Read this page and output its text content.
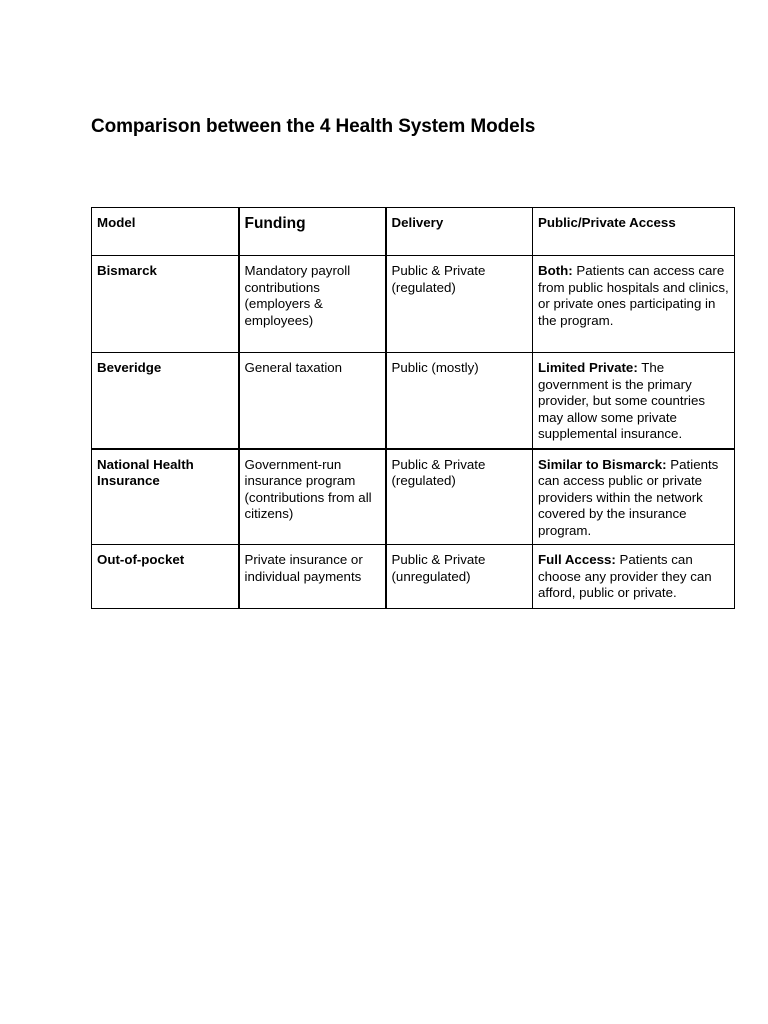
Comparison between the 4 Health System Models
Model	Funding	Delivery	Public/Private Access
Bismarck	Mandatory payroll contributions (employers & employees)	Public & Private (regulated)	Both: Patients can access care from public hospitals and clinics, or private ones participating in the program.
Beveridge	General taxation	Public (mostly)	Limited Private: The government is the primary provider, but some countries may allow some private supplemental insurance.
National Health Insurance	Government-run insurance program (contributions from all citizens)	Public & Private (regulated)	Similar to Bismarck: Patients can access public or private providers within the network covered by the insurance program.
Out-of-pocket	Private insurance or individual payments	Public & Private (unregulated)	Full Access: Patients can choose any provider they can afford, public or private.
